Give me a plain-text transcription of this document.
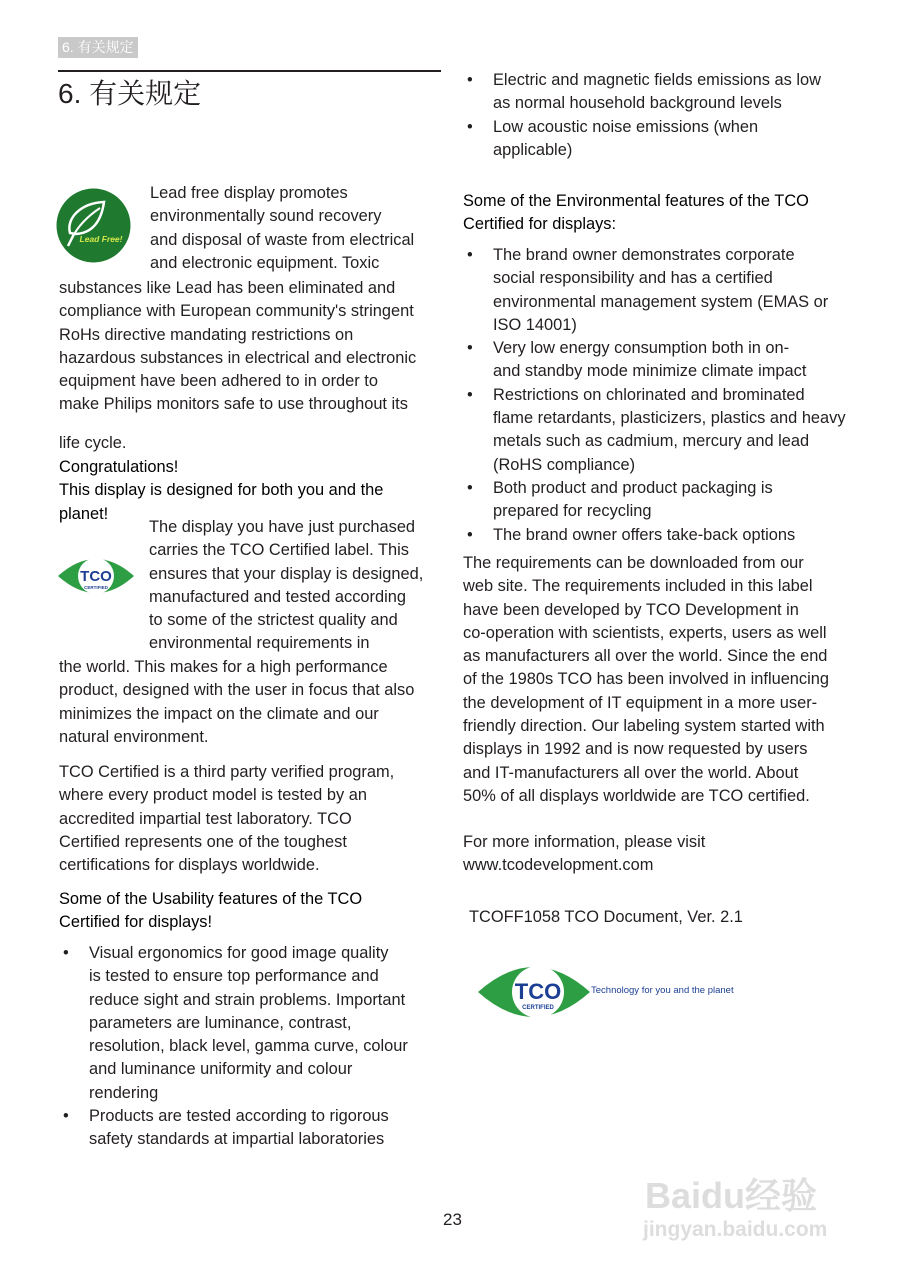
6. 有关规定
6. 有关规定
Lead Free!
Lead free display promotes
environmentally sound recovery
and disposal of waste from electrical
and electronic equipment. Toxic
substances like Lead has been eliminated and
compliance with European community's stringent
RoHs directive mandating restrictions on
hazardous substances in electrical and electronic
equipment have been adhered to in order to
make Philips monitors safe to use throughout its
life cycle.
Congratulations!
This display is designed for both you and the
planet!
TCO
CERTIFIED
The display you have just purchased
carries the TCO Certified label. This
ensures that your display is designed,
manufactured and tested according
to some of the strictest quality and
environmental requirements in
the world. This makes for a high performance
product, designed with the user in focus that also
minimizes the impact on the climate and our
natural environment.
TCO Certified is a third party verified program,
where every product model is tested by an
accredited impartial test laboratory. TCO
Certified represents one of the toughest
certifications for displays worldwide.
Some of the Usability features of the TCO
Certified for displays!
• Visual ergonomics for good image quality
is tested to ensure top performance and
reduce sight and strain problems. Important
parameters are luminance, contrast,
resolution, black level, gamma curve, colour
and luminance uniformity and colour
rendering
• Products are tested according to rigorous
safety standards at impartial laboratories
• Electric and magnetic fields emissions as low
as normal household background levels
• Low acoustic noise emissions (when
applicable)
Some of the Environmental features of the TCO
Certified for displays:
• The brand owner demonstrates corporate
social responsibility and has a certified
environmental management system (EMAS or
ISO 14001)
• Very low energy consumption both in on-
and standby mode minimize climate impact
• Restrictions on chlorinated and brominated
flame retardants, plasticizers, plastics and heavy
metals such as cadmium, mercury and lead
(RoHS compliance)
• Both product and product packaging is
prepared for recycling
• The brand owner offers take-back options
The requirements can be downloaded from our
web site. The requirements included in this label
have been developed by TCO Development in
co-operation with scientists, experts, users as well
as manufacturers all over the world. Since the end
of the 1980s TCO has been involved in influencing
the development of IT equipment in a more user-
friendly direction. Our labeling system started with
displays in 1992 and is now requested by users
and IT-manufacturers all over the world. About
50% of all displays worldwide are TCO certified.
For more information, please visit
www.tcodevelopment.com
TCOFF1058 TCO Document, Ver. 2.1
TCO
CERTIFIED
Technology for you and the planet
23
Baidu经验
jingyan.baidu.com
